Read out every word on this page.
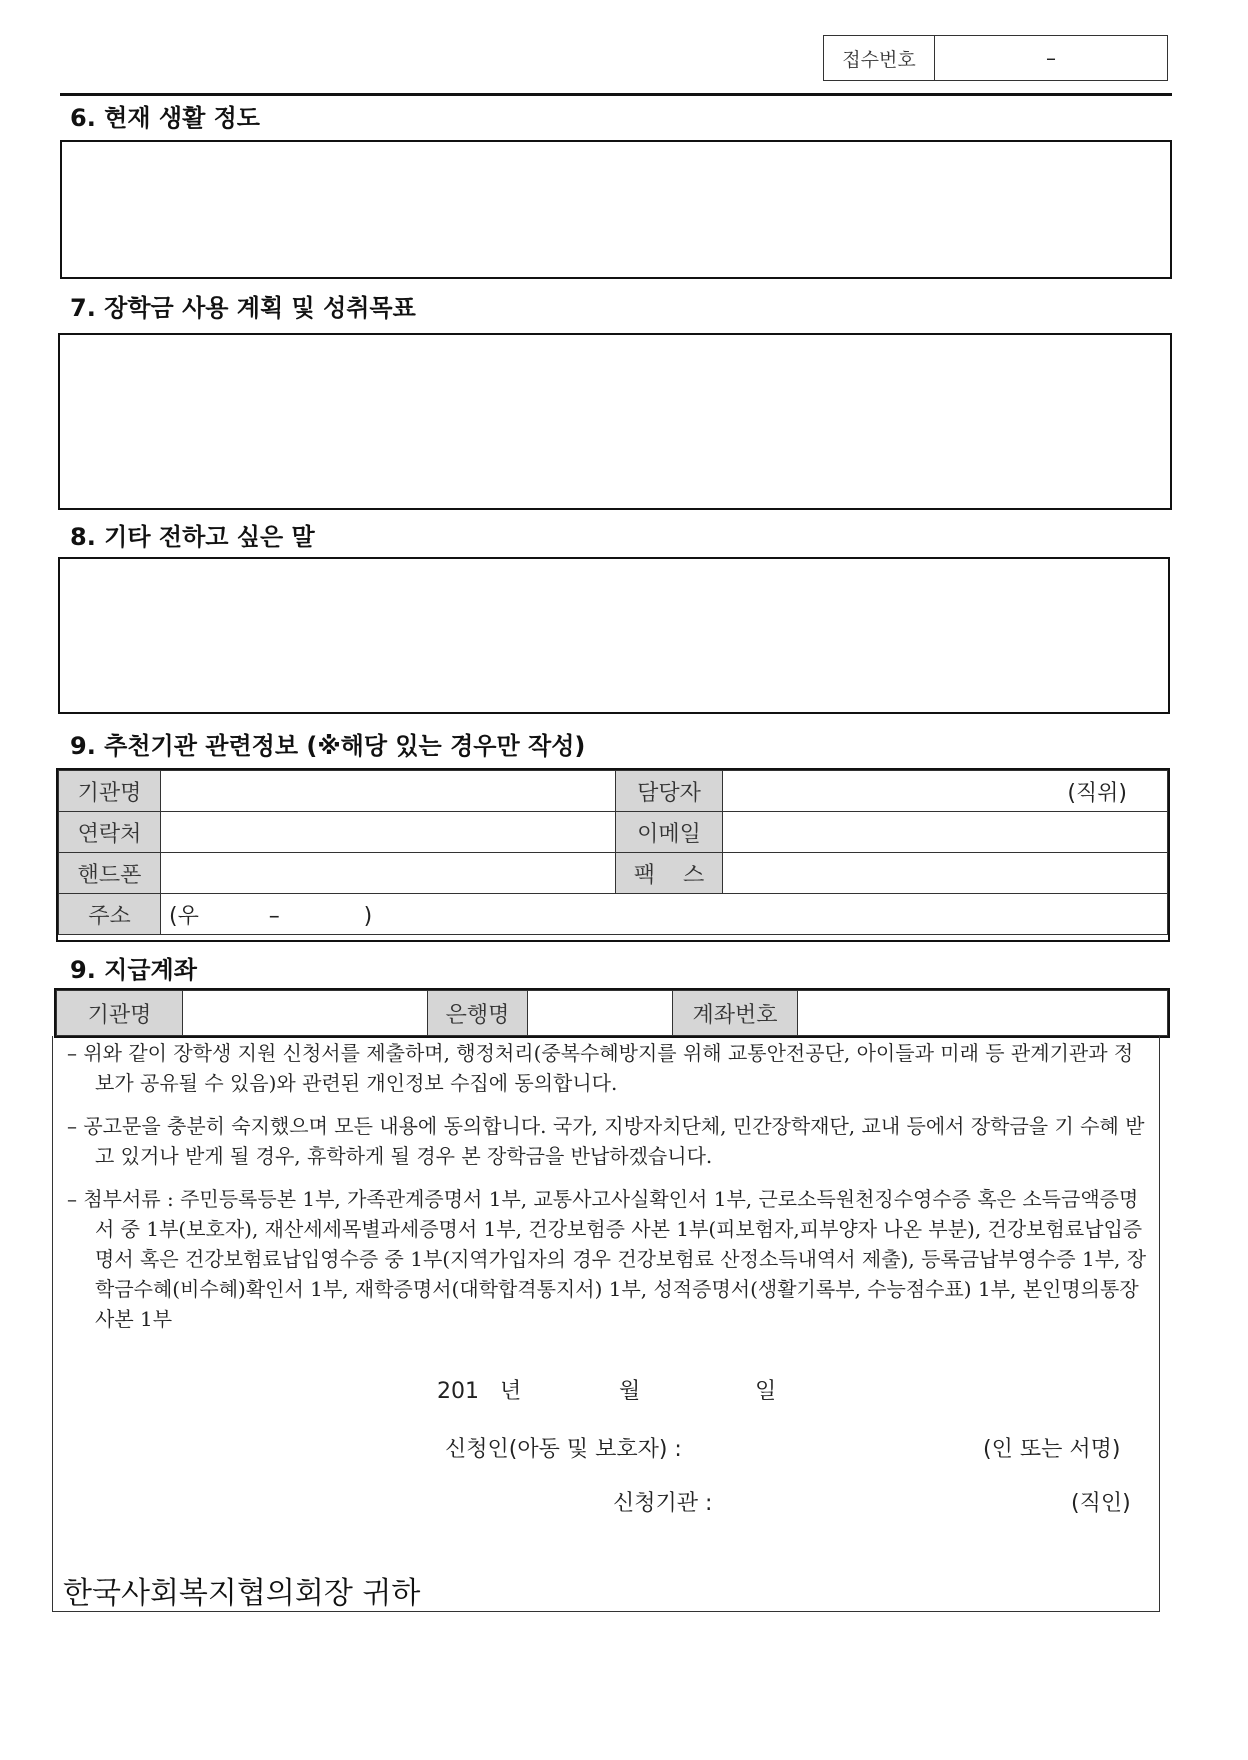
접수번호	–
6. 현재 생활 정도
7. 장학금 사용 계획 및 성취목표
8. 기타 전하고 싶은 말
9. 추천기관 관련정보 (※해당 있는 경우만 작성)
기관명		담당자	(직위)
연락처		이메일	
핸드폰		팩    스	
주소	(우          –            )		
9. 지급계좌
기관명		은행명		계좌번호	
– 위와 같이 장학생 지원 신청서를 제출하며, 행정처리(중복수혜방지를 위해 교통안전공단, 아이들과 미래 등 관계기관과 정보가 공유될 수 있음)와 관련된 개인정보 수집에 동의합니다.
– 공고문을 충분히 숙지했으며 모든 내용에 동의합니다. 국가, 지방자치단체, 민간장학재단, 교내 등에서 장학금을 기 수혜 받고 있거나 받게 될 경우, 휴학하게 될 경우 본 장학금을 반납하겠습니다.
– 첨부서류 : 주민등록등본 1부, 가족관계증명서 1부, 교통사고사실확인서 1부, 근로소득원천징수영수증 혹은 소득금액증명서 중 1부(보호자), 재산세세목별과세증명서 1부, 건강보험증 사본 1부(피보험자,피부양자 나온 부분), 건강보험료납입증명서 혹은 건강보험료납입영수증 중 1부(지역가입자의 경우 건강보험료 산정소득내역서 제출), 등록금납부영수증 1부, 장학금수혜(비수혜)확인서 1부, 재학증명서(대학합격통지서) 1부, 성적증명서(생활기록부, 수능점수표) 1부, 본인명의통장 사본 1부
201   년	월	일
신청인(아동 및 보호자) :	(인 또는 서명)
신청기관 :	(직인)
한국사회복지협의회장 귀하
